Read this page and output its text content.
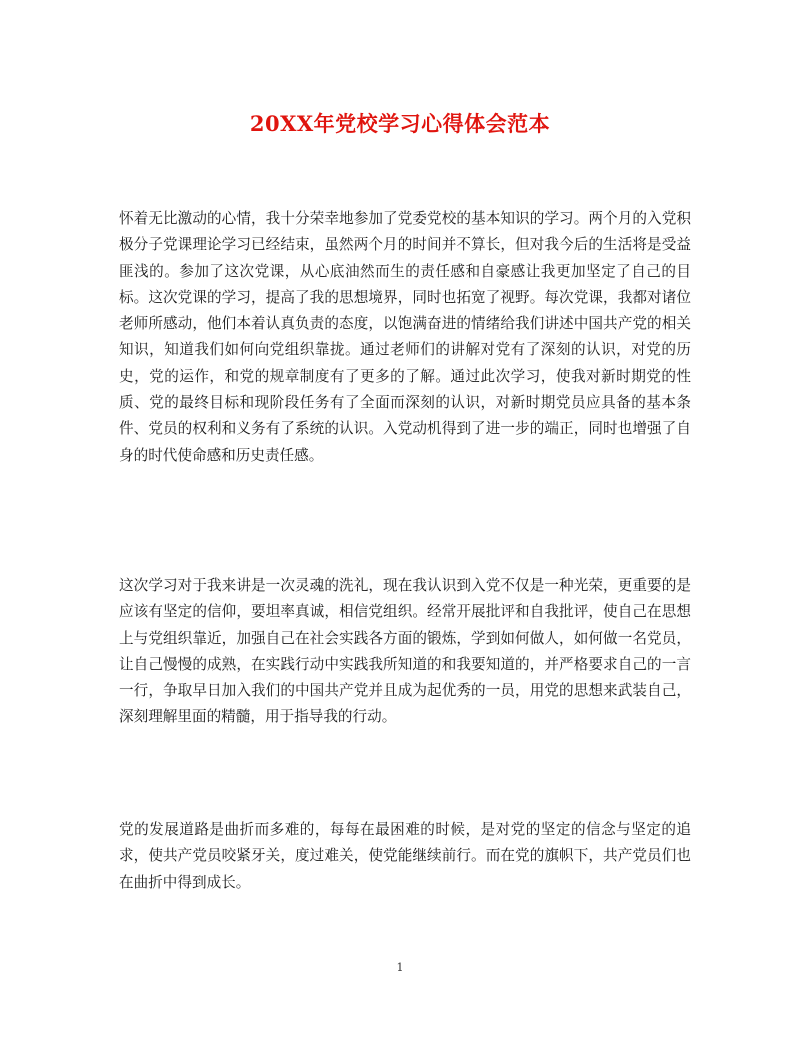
20XX年党校学习心得体会范本

怀着无比激动的心情，我十分荣幸地参加了党委党校的基本知识的学习。两个月的入党积极分子党课理论学习已经结束，虽然两个月的时间并不算长，但对我今后的生活将是受益匪浅的。参加了这次党课，从心底油然而生的责任感和自豪感让我更加坚定了自己的目标。这次党课的学习，提高了我的思想境界，同时也拓宽了视野。每次党课，我都对诸位老师所感动，他们本着认真负责的态度，以饱满奋进的情绪给我们讲述中国共产党的相关知识，知道我们如何向党组织靠拢。通过老师们的讲解对党有了深刻的认识，对党的历史，党的运作，和党的规章制度有了更多的了解。通过此次学习，使我对新时期党的性质、党的最终目标和现阶段任务有了全面而深刻的认识，对新时期党员应具备的基本条件、党员的权利和义务有了系统的认识。入党动机得到了进一步的端正，同时也增强了自身的时代使命感和历史责任感。

这次学习对于我来讲是一次灵魂的洗礼，现在我认识到入党不仅是一种光荣，更重要的是应该有坚定的信仰，要坦率真诚，相信党组织。经常开展批评和自我批评，使自己在思想上与党组织靠近，加强自己在社会实践各方面的锻炼，学到如何做人，如何做一名党员，让自己慢慢的成熟，在实践行动中实践我所知道的和我要知道的，并严格要求自己的一言一行，争取早日加入我们的中国共产党并且成为起优秀的一员，用党的思想来武装自己，深刻理解里面的精髓，用于指导我的行动。

党的发展道路是曲折而多难的，每每在最困难的时候，是对党的坚定的信念与坚定的追求，使共产党员咬紧牙关，度过难关，使党能继续前行。而在党的旗帜下，共产党员们也在曲折中得到成长。

1
